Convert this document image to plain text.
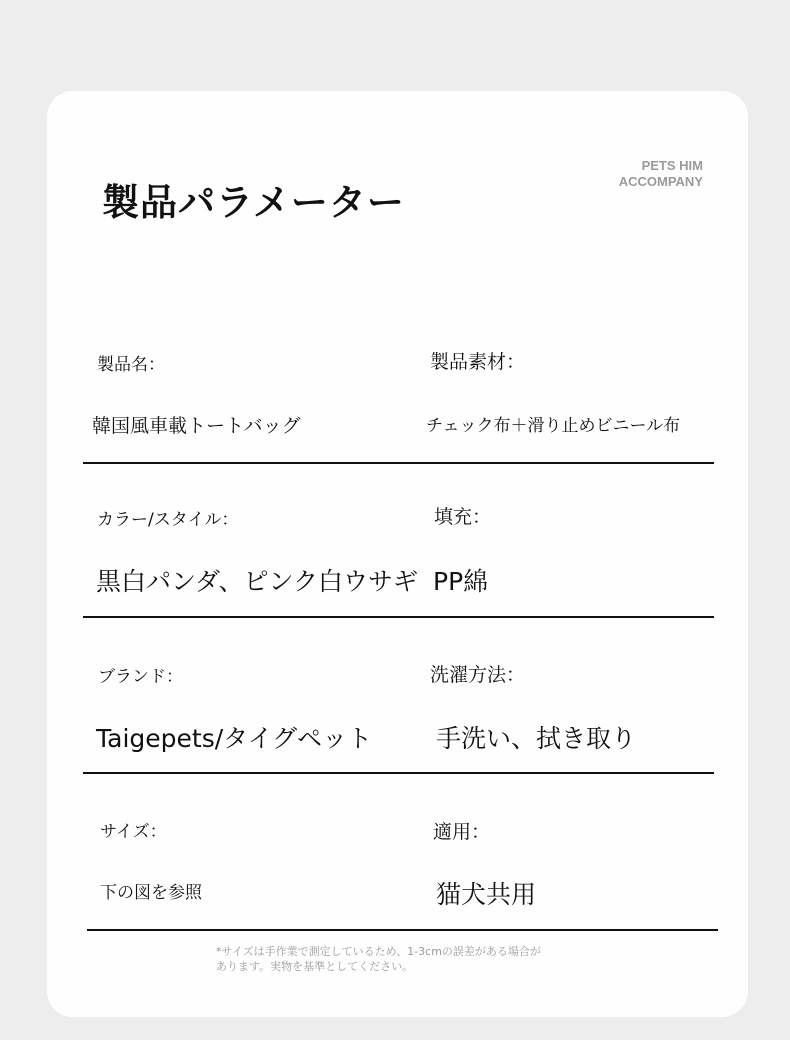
製品パラメーター
PETS HIM
ACCOMPANY
製品名：
韓国風車載トートバッグ
製品素材：
チェック布＋滑り止めビニール布
カラー/スタイル：
黒白パンダ、ピンク白ウサギ
填充：
PP綿
ブランド：
Taigepets/タイグペット
洗濯方法：
手洗い、拭き取り
サイズ：
下の図を参照
適用：
猫犬共用
*サイズは手作業で測定しているため、1-3cmの誤差がある場合が
あります。実物を基準としてください。
